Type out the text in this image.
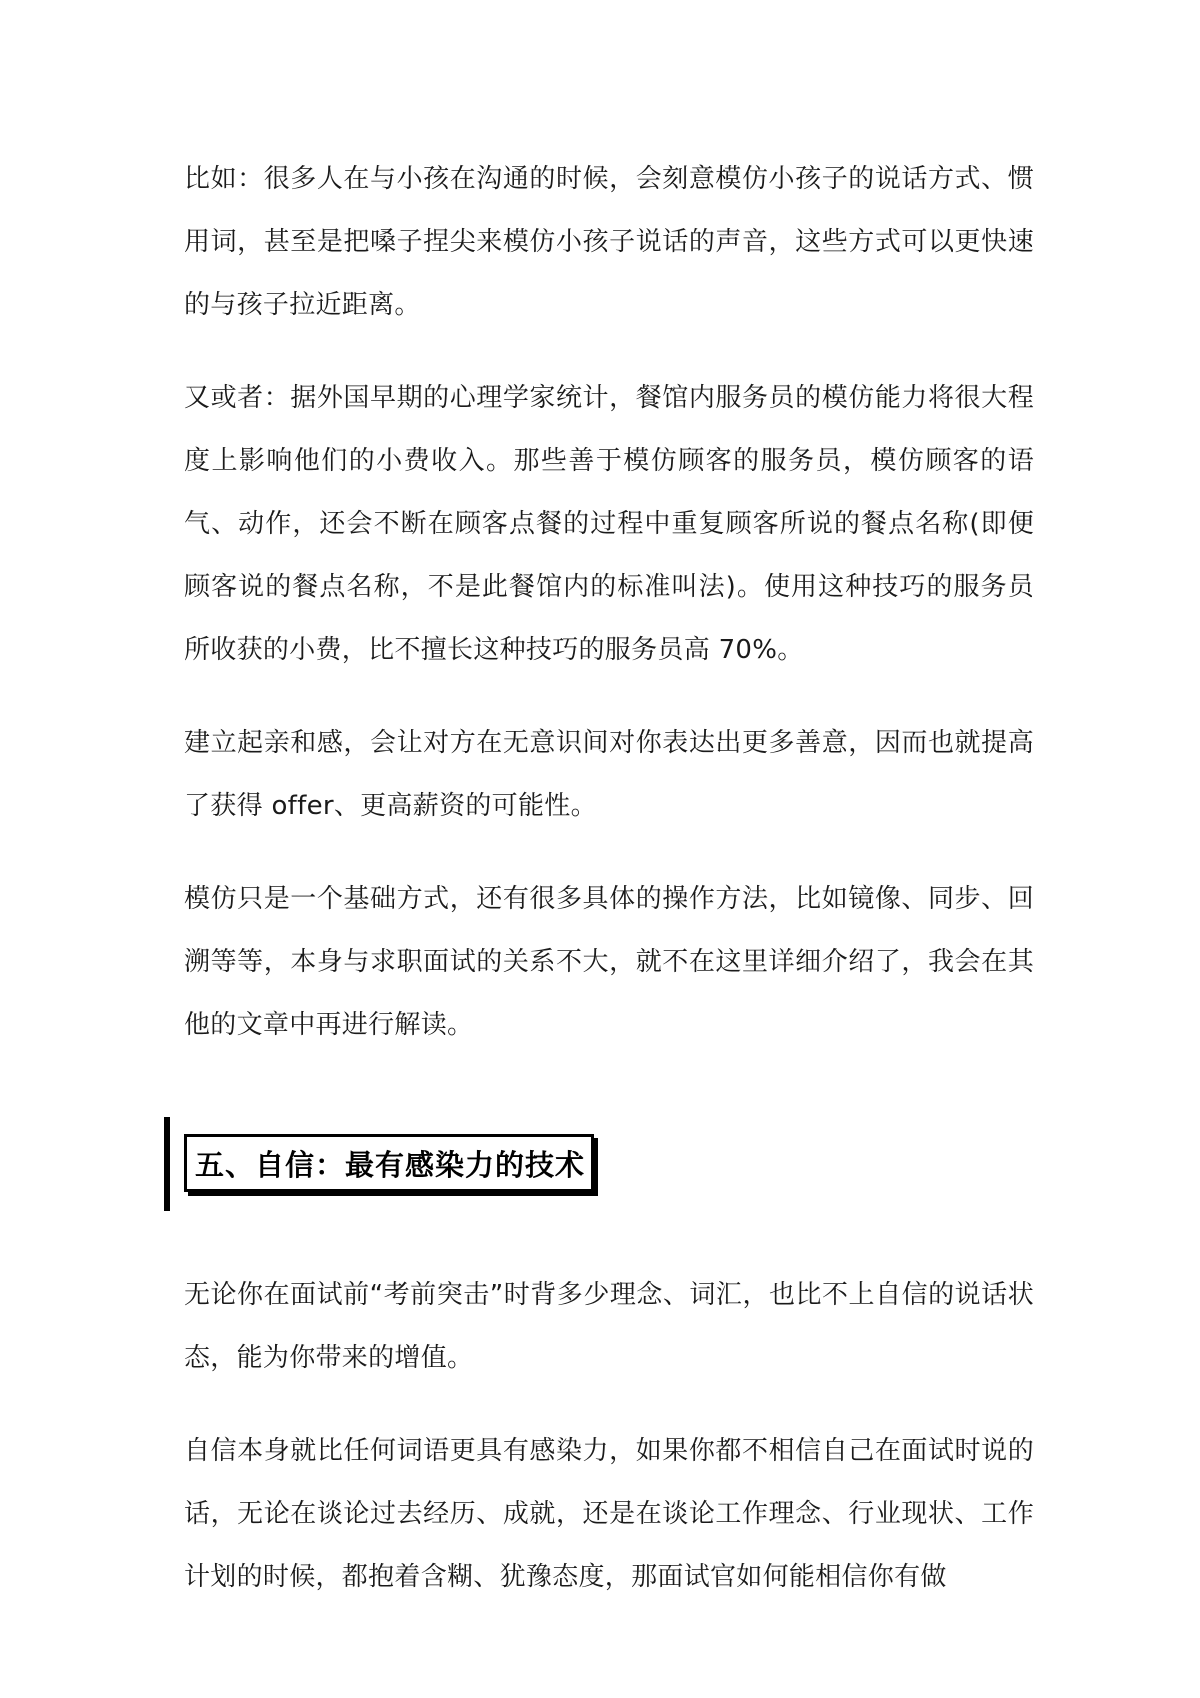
比如：很多人在与小孩在沟通的时候，会刻意模仿小孩子的说话方式、惯用词，甚至是把嗓子捏尖来模仿小孩子说话的声音，这些方式可以更快速的与孩子拉近距离。

又或者：据外国早期的心理学家统计，餐馆内服务员的模仿能力将很大程度上影响他们的小费收入。那些善于模仿顾客的服务员，模仿顾客的语气、动作，还会不断在顾客点餐的过程中重复顾客所说的餐点名称(即便顾客说的餐点名称，不是此餐馆内的标准叫法)。使用这种技巧的服务员所收获的小费，比不擅长这种技巧的服务员高 70%。

建立起亲和感，会让对方在无意识间对你表达出更多善意，因而也就提高了获得 offer、更高薪资的可能性。

模仿只是一个基础方式，还有很多具体的操作方法，比如镜像、同步、回溯等等，本身与求职面试的关系不大，就不在这里详细介绍了，我会在其他的文章中再进行解读。

五、自信：最有感染力的技术

无论你在面试前“考前突击”时背多少理念、词汇，也比不上自信的说话状态，能为你带来的增值。

自信本身就比任何词语更具有感染力，如果你都不相信自己在面试时说的话，无论在谈论过去经历、成就，还是在谈论工作理念、行业现状、工作计划的时候，都抱着含糊、犹豫态度，那面试官如何能相信你有做
